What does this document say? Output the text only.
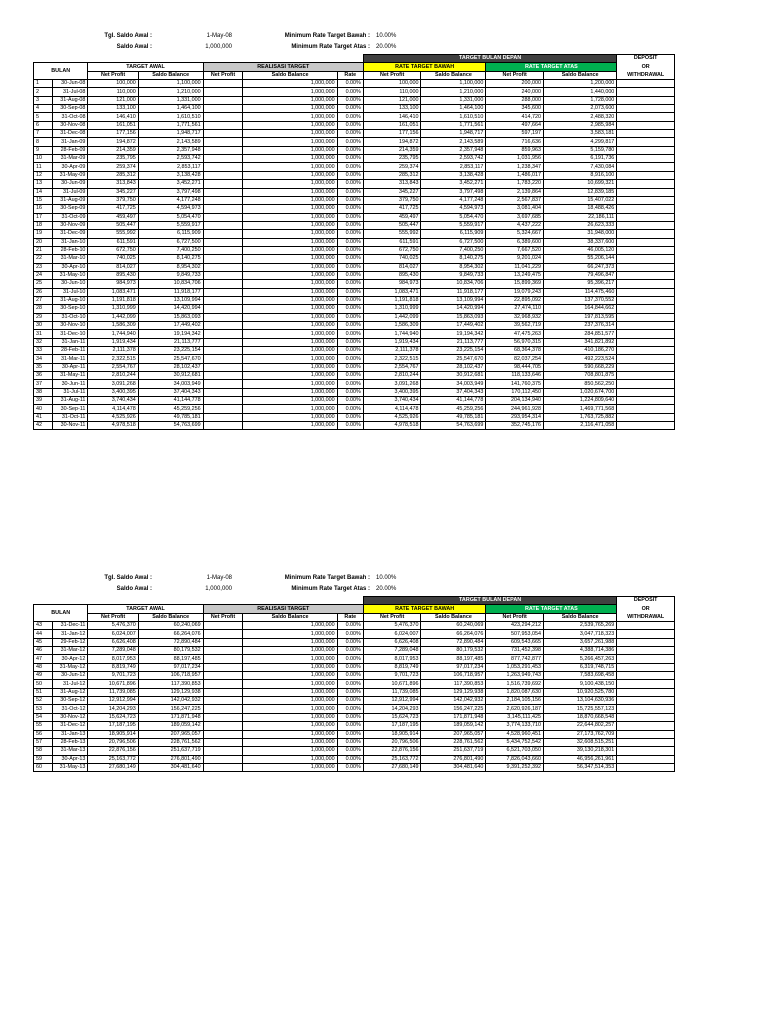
Tgl. Saldo Awal :	1-May-08
Saldo Awal :	1,000,000
Minimum Rate Target Bawah : 10.00%
Minimum Rate Target Atas : 20.00%
							TARGET BULAN DEPAN				DEPOSIT
BULAN		TARGET AWAL		REALISASI TARGET			RATE TARGET BAWAH		RATE TARGET ATAS		OR
		Net Profit	Saldo Balance	Net Profit	Saldo Balance	Rate	Net Profit	Saldo Balance	Net Profit	Saldo Balance	WITHDRAWAL
1	30-Jun-08	100,000	1,100,000		1,000,000	0.00%	100,000	1,100,000	200,000	1,200,000	
2	31-Jul-08	110,000	1,210,000		1,000,000	0.00%	110,000	1,210,000	240,000	1,440,000	
3	31-Aug-08	121,000	1,331,000		1,000,000	0.00%	121,000	1,331,000	288,000	1,728,000	
4	30-Sep-08	133,100	1,464,100		1,000,000	0.00%	133,100	1,464,100	345,600	2,073,600	
5	31-Oct-08	146,410	1,610,510		1,000,000	0.00%	146,410	1,610,510	414,720	2,488,320	
6	30-Nov-08	161,051	1,771,561		1,000,000	0.00%	161,051	1,771,561	497,664	2,985,984	
7	31-Dec-08	177,156	1,948,717		1,000,000	0.00%	177,156	1,948,717	597,197	3,583,181	
8	31-Jan-09	194,872	2,143,589		1,000,000	0.00%	194,872	2,143,589	716,636	4,299,817	
9	28-Feb-09	214,359	2,357,948		1,000,000	0.00%	214,359	2,357,948	859,963	5,159,780	
10	31-Mar-09	235,795	2,593,742		1,000,000	0.00%	235,795	2,593,742	1,031,956	6,191,736	
11	30-Apr-09	259,374	2,853,117		1,000,000	0.00%	259,374	2,853,117	1,238,347	7,430,084	
12	31-May-09	285,312	3,138,428		1,000,000	0.00%	285,312	3,138,428	1,486,017	8,916,100	
13	30-Jun-09	313,843	3,452,271		1,000,000	0.00%	313,843	3,452,271	1,783,220	10,699,321	
14	31-Jul-09	345,227	3,797,498		1,000,000	0.00%	345,227	3,797,498	2,139,864	12,839,185	
15	31-Aug-09	379,750	4,177,248		1,000,000	0.00%	379,750	4,177,248	2,567,837	15,407,022	
16	30-Sep-09	417,725	4,594,973		1,000,000	0.00%	417,725	4,594,973	3,081,404	18,488,426	
17	31-Oct-09	459,497	5,054,470		1,000,000	0.00%	459,497	5,054,470	3,697,685	22,186,111	
18	30-Nov-09	505,447	5,559,917		1,000,000	0.00%	505,447	5,559,917	4,437,222	26,623,333	
19	31-Dec-09	555,992	6,115,909		1,000,000	0.00%	555,992	6,115,909	5,324,667	31,948,000	
20	31-Jan-10	611,591	6,727,500		1,000,000	0.00%	611,591	6,727,500	6,389,600	38,337,600	
21	28-Feb-10	672,750	7,400,250		1,000,000	0.00%	672,750	7,400,250	7,667,520	46,005,120	
22	31-Mar-10	740,025	8,140,275		1,000,000	0.00%	740,025	8,140,275	9,201,024	55,206,144	
23	30-Apr-10	814,027	8,954,302		1,000,000	0.00%	814,027	8,954,302	11,041,229	66,247,373	
24	31-May-10	895,430	9,849,733		1,000,000	0.00%	895,430	9,849,733	13,249,475	79,496,847	
25	30-Jun-10	984,973	10,834,706		1,000,000	0.00%	984,973	10,834,706	15,899,369	95,396,217	
26	31-Jul-10	1,083,471	11,918,177		1,000,000	0.00%	1,083,471	11,918,177	19,079,243	114,475,460	
27	31-Aug-10	1,191,818	13,109,994		1,000,000	0.00%	1,191,818	13,109,994	22,895,092	137,370,552	
28	30-Sep-10	1,310,999	14,420,994		1,000,000	0.00%	1,310,999	14,420,994	27,474,110	164,844,662	
29	31-Oct-10	1,442,099	15,863,093		1,000,000	0.00%	1,442,099	15,863,093	32,968,932	197,813,595	
30	30-Nov-10	1,586,309	17,449,402		1,000,000	0.00%	1,586,309	17,449,402	39,562,719	237,376,314	
31	31-Dec-10	1,744,940	19,194,342		1,000,000	0.00%	1,744,940	19,194,342	47,475,263	284,851,577	
32	31-Jan-11	1,919,434	21,113,777		1,000,000	0.00%	1,919,434	21,113,777	56,970,315	341,821,892	
33	28-Feb-11	2,111,378	23,225,154		1,000,000	0.00%	2,111,378	23,225,154	68,364,378	410,186,270	
34	31-Mar-11	2,322,515	25,547,670		1,000,000	0.00%	2,322,515	25,547,670	82,037,254	492,223,524	
35	30-Apr-11	2,554,767	28,102,437		1,000,000	0.00%	2,554,767	28,102,437	98,444,705	590,668,229	
36	31-May-11	2,810,244	30,912,681		1,000,000	0.00%	2,810,244	30,912,681	118,133,646	708,801,875	
37	30-Jun-11	3,091,268	34,003,949		1,000,000	0.00%	3,091,268	34,003,949	141,760,375	850,562,250	
38	31-Jul-11	3,400,395	37,404,343		1,000,000	0.00%	3,400,395	37,404,343	170,112,450	1,020,674,700	
39	31-Aug-11	3,740,434	41,144,778		1,000,000	0.00%	3,740,434	41,144,778	204,134,940	1,224,809,640	
40	30-Sep-11	4,114,478	45,259,256		1,000,000	0.00%	4,114,478	45,259,256	244,961,928	1,469,771,568	
41	31-Oct-11	4,525,926	49,785,181		1,000,000	0.00%	4,525,926	49,785,181	293,954,314	1,763,725,882	
42	30-Nov-11	4,978,518	54,763,699		1,000,000	0.00%	4,978,518	54,763,699	352,745,176	2,116,471,058	
Tgl. Saldo Awal :	1-May-08
Saldo Awal :	1,000,000
Minimum Rate Target Bawah : 10.00%
Minimum Rate Target Atas : 20.00%
							TARGET BULAN DEPAN				DEPOSIT
BULAN		TARGET AWAL		REALISASI TARGET			RATE TARGET BAWAH		RATE TARGET ATAS		OR
		Net Profit	Saldo Balance	Net Profit	Saldo Balance	Rate	Net Profit	Saldo Balance	Net Profit	Saldo Balance	WITHDRAWAL
43	31-Dec-11	5,476,370	60,240,069		1,000,000	0.00%	5,476,370	60,240,069	423,294,212	2,539,765,269	
44	31-Jan-12	6,024,007	66,264,076		1,000,000	0.00%	6,024,007	66,264,076	507,953,054	3,047,718,323	
45	29-Feb-12	6,626,408	72,890,484		1,000,000	0.00%	6,626,408	72,890,484	609,543,665	3,657,261,988	
46	31-Mar-12	7,289,048	80,179,532		1,000,000	0.00%	7,289,048	80,179,532	731,452,398	4,388,714,386	
47	30-Apr-12	8,017,953	88,197,485		1,000,000	0.00%	8,017,953	88,197,485	877,742,877	5,266,457,263	
48	31-May-12	8,819,749	97,017,234		1,000,000	0.00%	8,819,749	97,017,234	1,053,291,453	6,319,748,715	
49	30-Jun-12	9,701,723	106,718,957		1,000,000	0.00%	9,701,723	106,718,957	1,263,949,743	7,583,698,458	
50	31-Jul-12	10,671,896	117,390,853		1,000,000	0.00%	10,671,896	117,390,853	1,516,739,692	9,100,438,150	
51	31-Aug-12	11,739,085	129,129,938		1,000,000	0.00%	11,739,085	129,129,938	1,820,087,630	10,920,525,780	
52	30-Sep-12	12,912,994	142,042,932		1,000,000	0.00%	12,912,994	142,042,932	2,184,105,156	13,104,630,936	
53	31-Oct-12	14,204,293	156,247,225		1,000,000	0.00%	14,204,293	156,247,225	2,620,926,187	15,725,557,123	
54	30-Nov-12	15,624,723	171,871,948		1,000,000	0.00%	15,624,723	171,871,948	3,145,111,425	18,870,668,548	
55	31-Dec-12	17,187,195	189,059,142		1,000,000	0.00%	17,187,195	189,059,142	3,774,133,710	22,644,802,257	
56	31-Jan-13	18,905,914	207,965,057		1,000,000	0.00%	18,905,914	207,965,057	4,528,960,451	27,173,762,709	
57	28-Feb-13	20,796,506	228,761,562		1,000,000	0.00%	20,796,506	228,761,562	5,434,752,542	32,608,515,251	
58	31-Mar-13	22,876,156	251,637,719		1,000,000	0.00%	22,876,156	251,637,719	6,521,703,050	39,130,218,301	
59	30-Apr-13	25,163,772	276,801,490		1,000,000	0.00%	25,163,772	276,801,490	7,826,043,660	46,956,261,961	
60	31-May-13	27,680,149	304,481,640		1,000,000	0.00%	27,680,149	304,481,640	9,391,252,392	56,347,514,353	
